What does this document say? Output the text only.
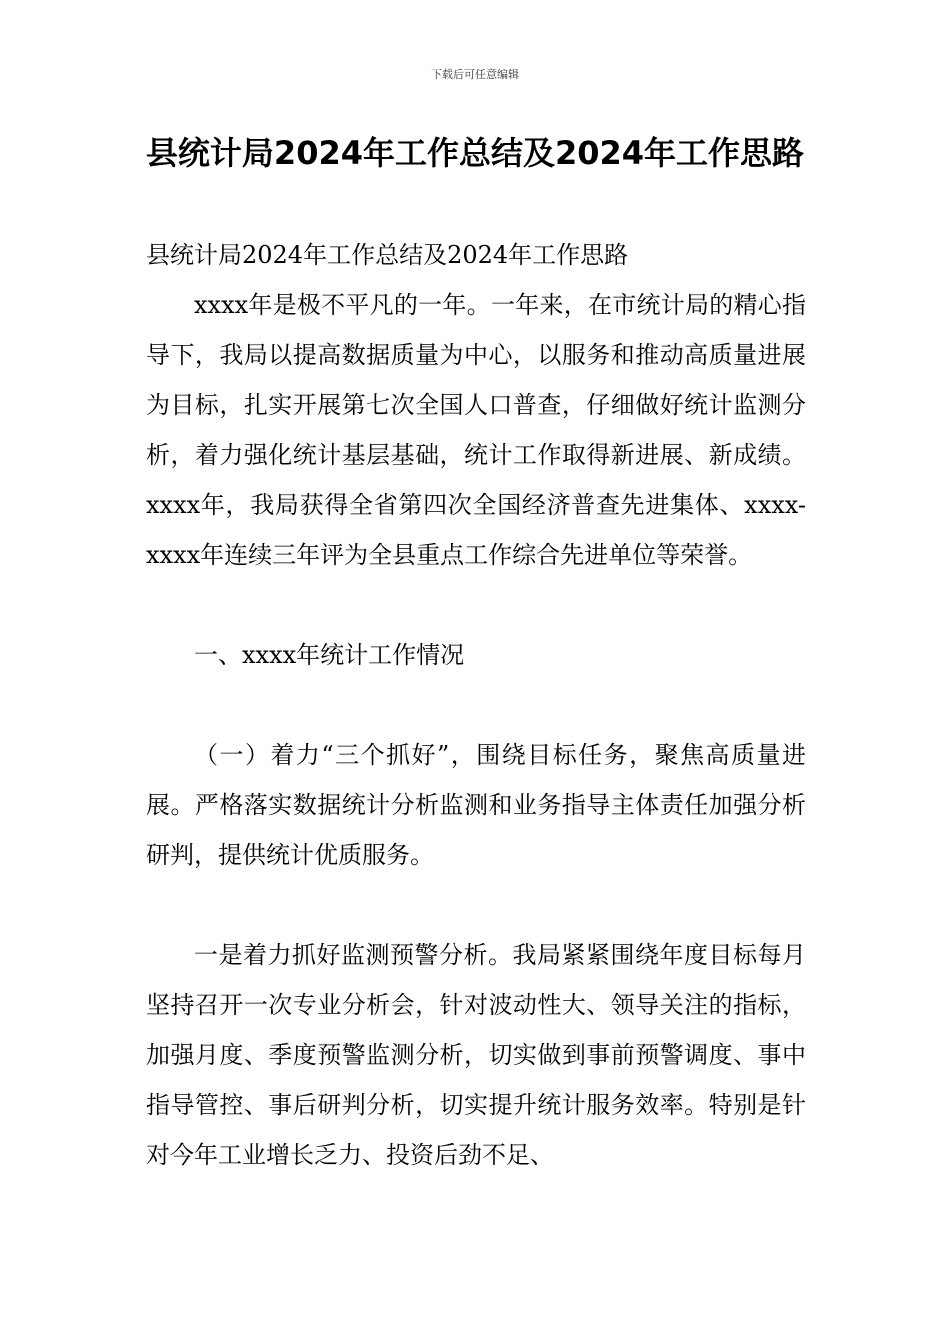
下载后可任意编辑
县统计局2024年工作总结及2024年工作思路

县统计局2024年工作总结及2024年工作思路

xxxx年是极不平凡的一年。一年来，在市统计局的精心指导下，我局以提高数据质量为中心，以服务和推动高质量进展为目标，扎实开展第七次全国人口普查，仔细做好统计监测分析，着力强化统计基层基础，统计工作取得新进展、新成绩。xxxx年，我局获得全省第四次全国经济普查先进集体、xxxx-xxxx年连续三年评为全县重点工作综合先进单位等荣誉。

一、xxxx年统计工作情况

（一）着力“三个抓好”，围绕目标任务，聚焦高质量进展。严格落实数据统计分析监测和业务指导主体责任加强分析研判，提供统计优质服务。

一是着力抓好监测预警分析。我局紧紧围绕年度目标每月坚持召开一次专业分析会，针对波动性大、领导关注的指标，加强月度、季度预警监测分析，切实做到事前预警调度、事中指导管控、事后研判分析，切实提升统计服务效率。特别是针对今年工业增长乏力、投资后劲不足、
